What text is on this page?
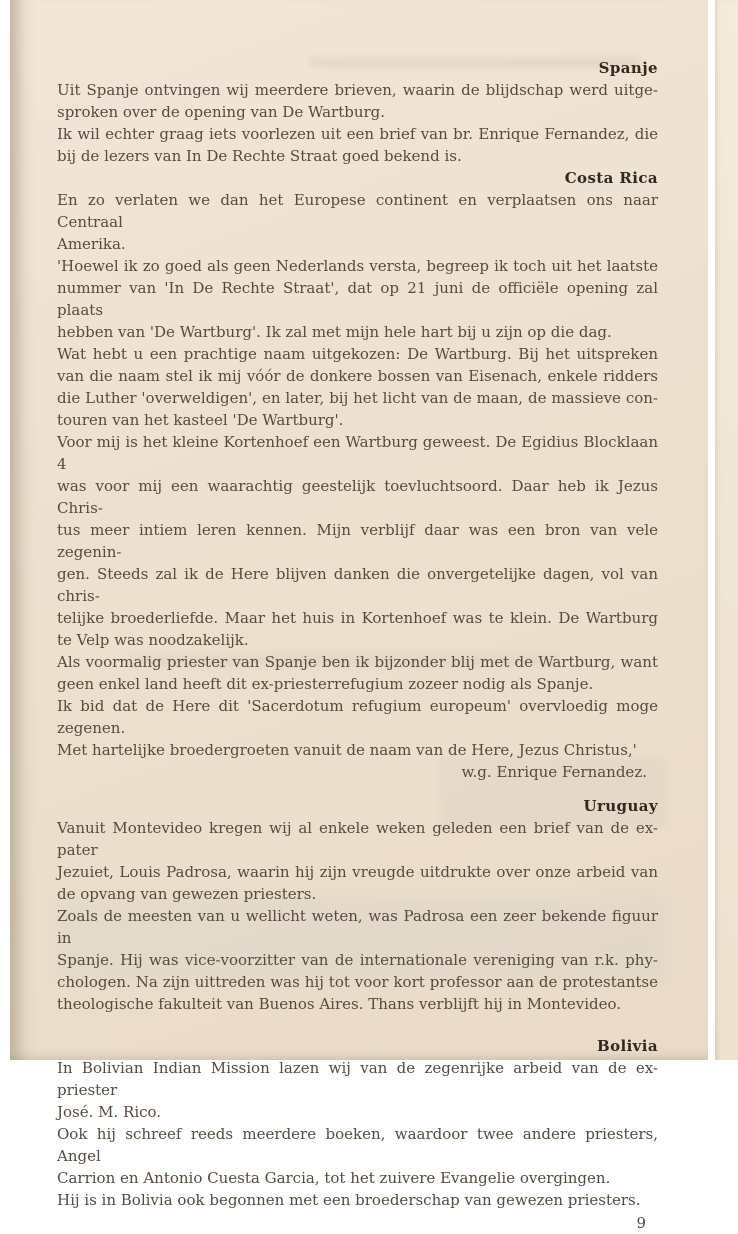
Spanje
Uit Spanje ontvingen wij meerdere brieven, waarin de blijdschap werd uitge-
sproken over de opening van De Wartburg.
Ik wil echter graag iets voorlezen uit een brief van br. Enrique Fernandez, die
bij de lezers van In De Rechte Straat goed bekend is.
Costa Rica
En zo verlaten we dan het Europese continent en verplaatsen ons naar Centraal
Amerika.
'Hoewel ik zo goed als geen Nederlands versta, begreep ik toch uit het laatste
nummer van 'In De Rechte Straat', dat op 21 juni de officiële opening zal plaats
hebben van 'De Wartburg'. Ik zal met mijn hele hart bij u zijn op die dag.
Wat hebt u een prachtige naam uitgekozen: De Wartburg. Bij het uitspreken
van die naam stel ik mij vóór de donkere bossen van Eisenach, enkele ridders
die Luther 'overweldigen', en later, bij het licht van de maan, de massieve con-
touren van het kasteel 'De Wartburg'.
Voor mij is het kleine Kortenhoef een Wartburg geweest. De Egidius Blocklaan 4
was voor mij een waarachtig geestelijk toevluchtsoord. Daar heb ik Jezus Chris-
tus meer intiem leren kennen. Mijn verblijf daar was een bron van vele zegenin-
gen. Steeds zal ik de Here blijven danken die onvergetelijke dagen, vol van chris-
telijke broederliefde. Maar het huis in Kortenhoef was te klein. De Wartburg
te Velp was noodzakelijk.
Als voormalig priester van Spanje ben ik bijzonder blij met de Wartburg, want
geen enkel land heeft dit ex-priesterrefugium zozeer nodig als Spanje.
Ik bid dat de Here dit 'Sacerdotum refugium europeum' overvloedig moge
zegenen.
Met hartelijke broedergroeten vanuit de naam van de Here, Jezus Christus,'
w.g. Enrique Fernandez.
Uruguay
Vanuit Montevideo kregen wij al enkele weken geleden een brief van de ex-pater
Jezuiet, Louis Padrosa, waarin hij zijn vreugde uitdrukte over onze arbeid van
de opvang van gewezen priesters.
Zoals de meesten van u wellicht weten, was Padrosa een zeer bekende figuur in
Spanje. Hij was vice-voorzitter van de internationale vereniging van r.k. phy-
chologen. Na zijn uittreden was hij tot voor kort professor aan de protestantse
theologische fakulteit van Buenos Aires. Thans verblijft hij in Montevideo.
Bolivia
In Bolivian Indian Mission lazen wij van de zegenrijke arbeid van de ex-priester
José. M. Rico.
Ook hij schreef reeds meerdere boeken, waardoor twee andere priesters, Angel
Carrion en Antonio Cuesta Garcia, tot het zuivere Evangelie overgingen.
Hij is in Bolivia ook begonnen met een broederschap van gewezen priesters.
9
